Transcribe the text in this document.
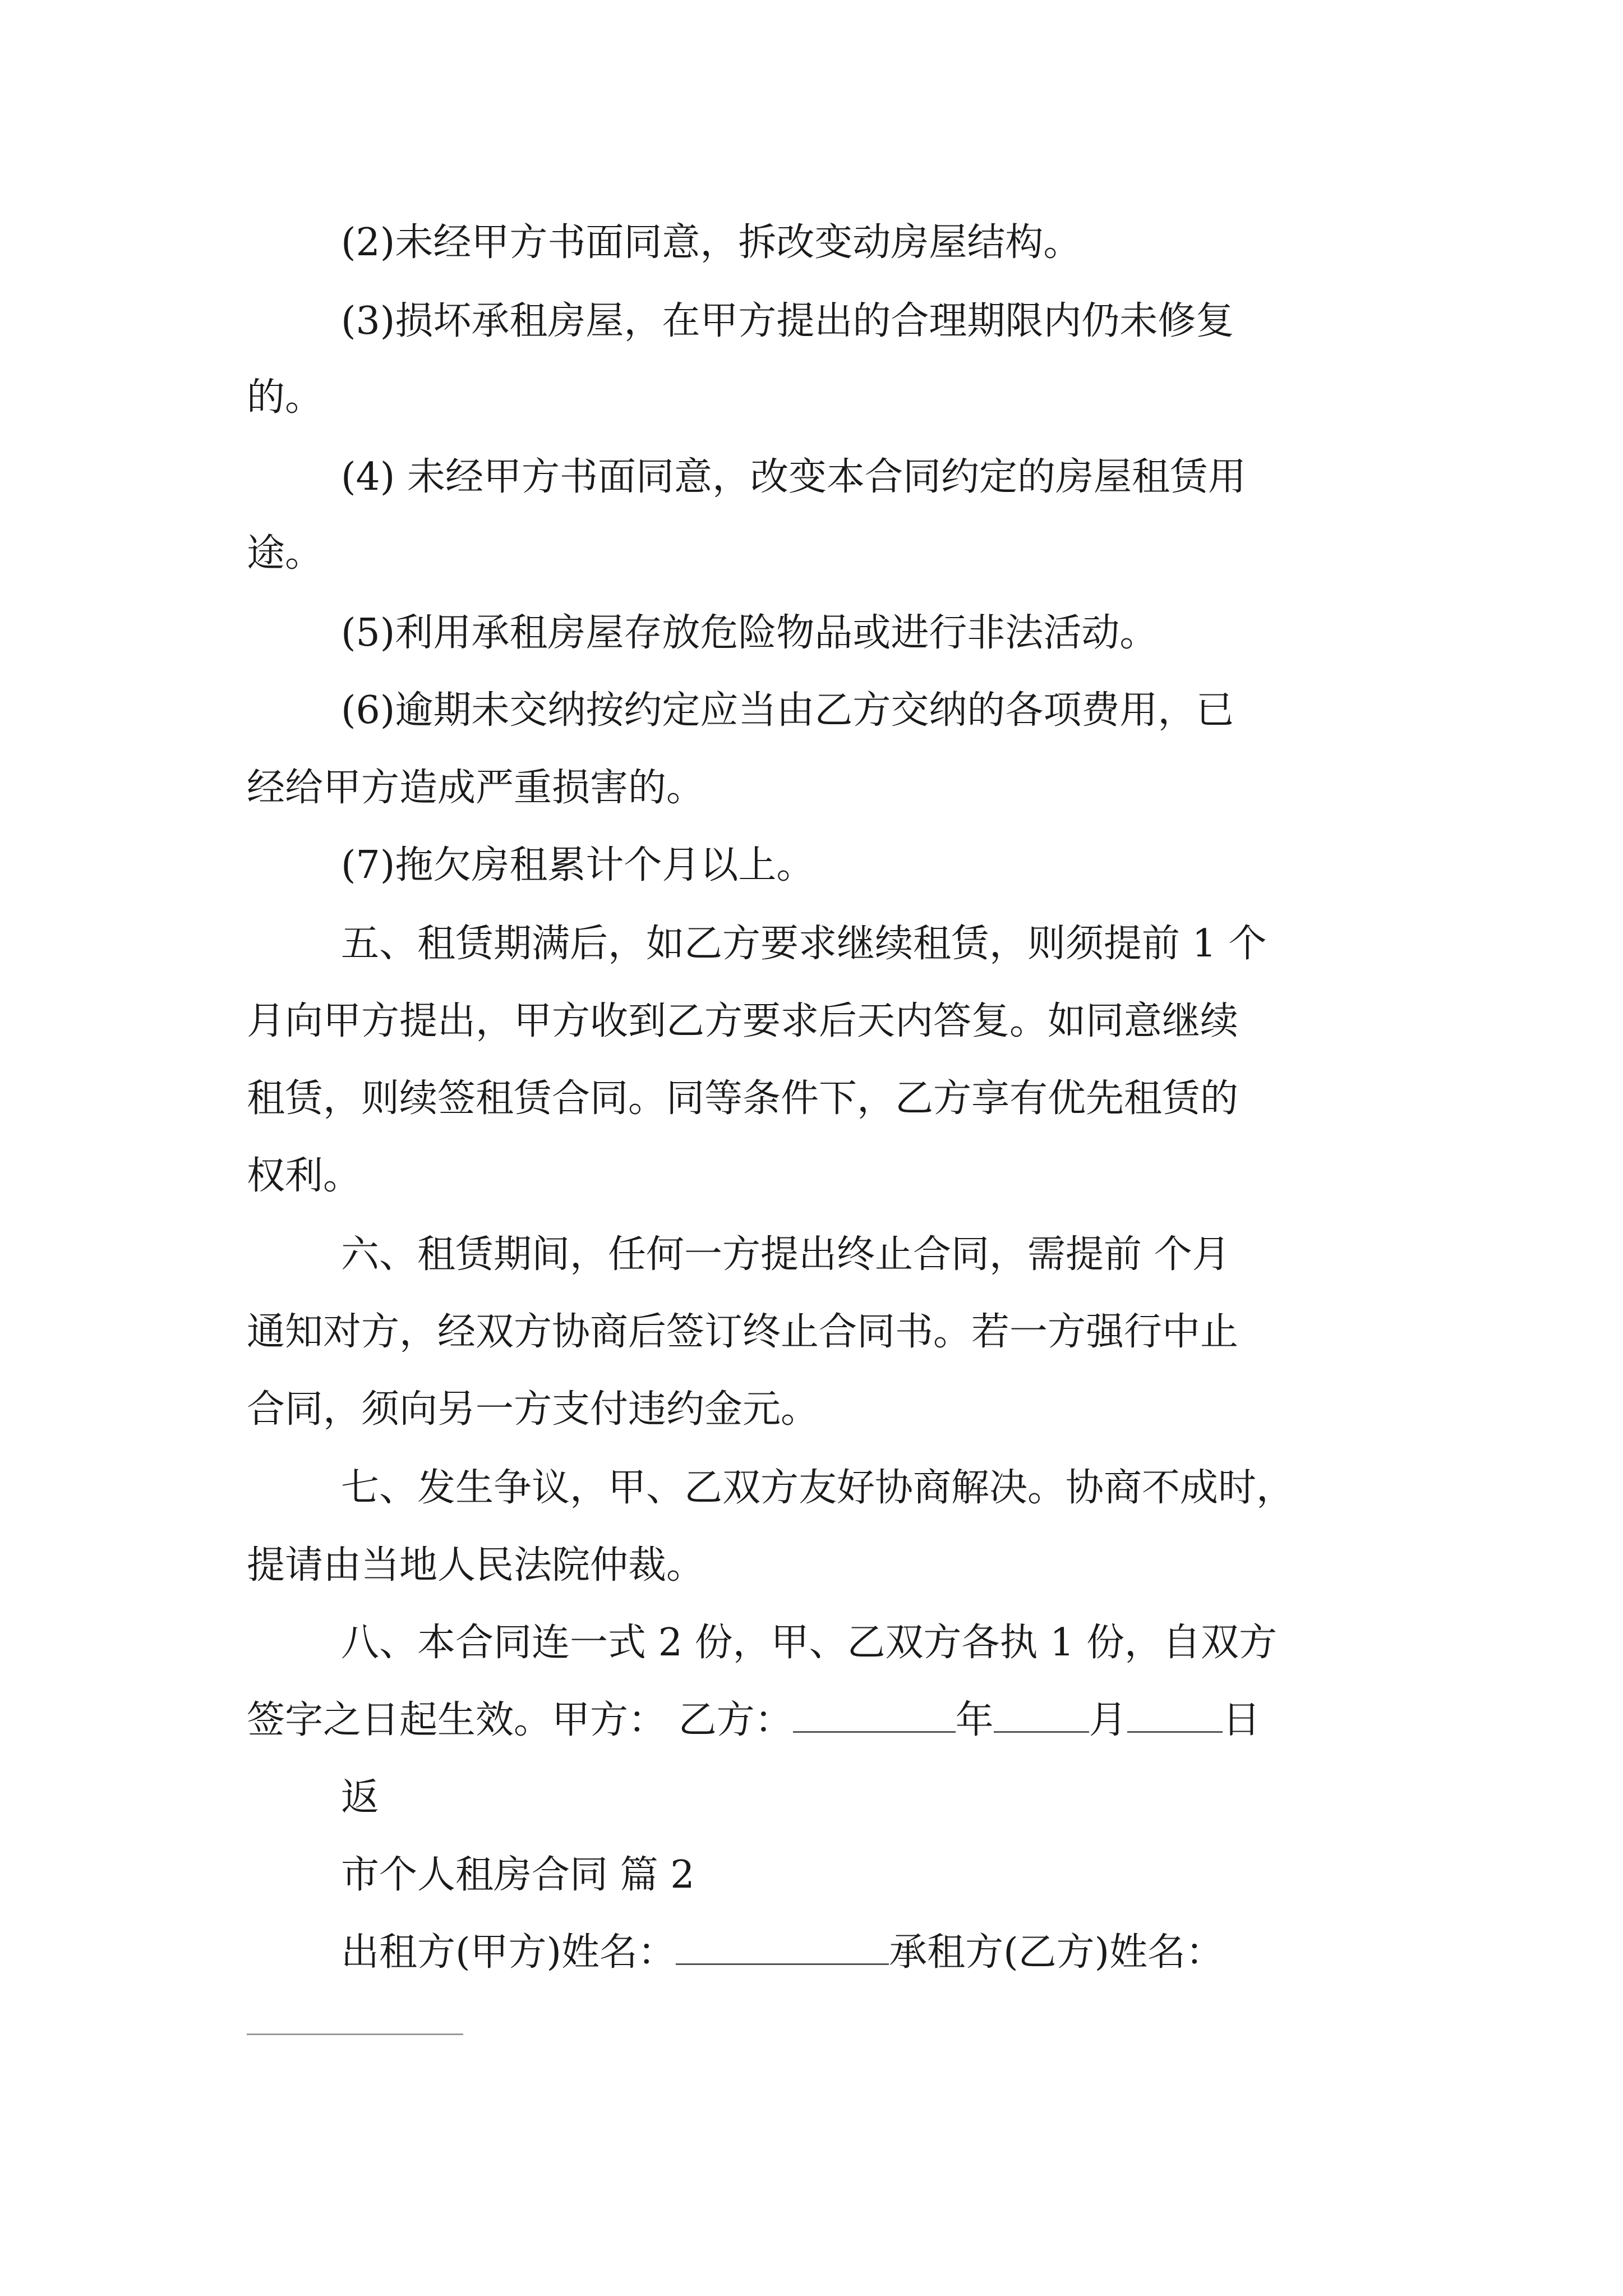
(2)未经甲方书面同意，拆改变动房屋结构。

(3)损坏承租房屋，在甲方提出的合理期限内仍未修复

的。

(4) 未经甲方书面同意，改变本合同约定的房屋租赁用

途。

(5)利用承租房屋存放危险物品或进行非法活动。

(6)逾期未交纳按约定应当由乙方交纳的各项费用，已

经给甲方造成严重损害的。

(7)拖欠房租累计个月以上。

五、租赁期满后，如乙方要求继续租赁，则须提前 1 个

月向甲方提出，甲方收到乙方要求后天内答复。如同意继续

租赁，则续签租赁合同。同等条件下，乙方享有优先租赁的

权利。

六、租赁期间，任何一方提出终止合同，需提前 个月

通知对方，经双方协商后签订终止合同书。若一方强行中止

合同，须向另一方支付违约金元。

七、发生争议，甲、乙双方友好协商解决。协商不成时，

提请由当地人民法院仲裁。

八、本合同连一式 2 份，甲、乙双方各执 1 份，自双方

签字之日起生效。甲方： 乙方：	年	月	日

返

市个人租房合同 篇 2

出租方(甲方)姓名：	承租方(乙方)姓名：
